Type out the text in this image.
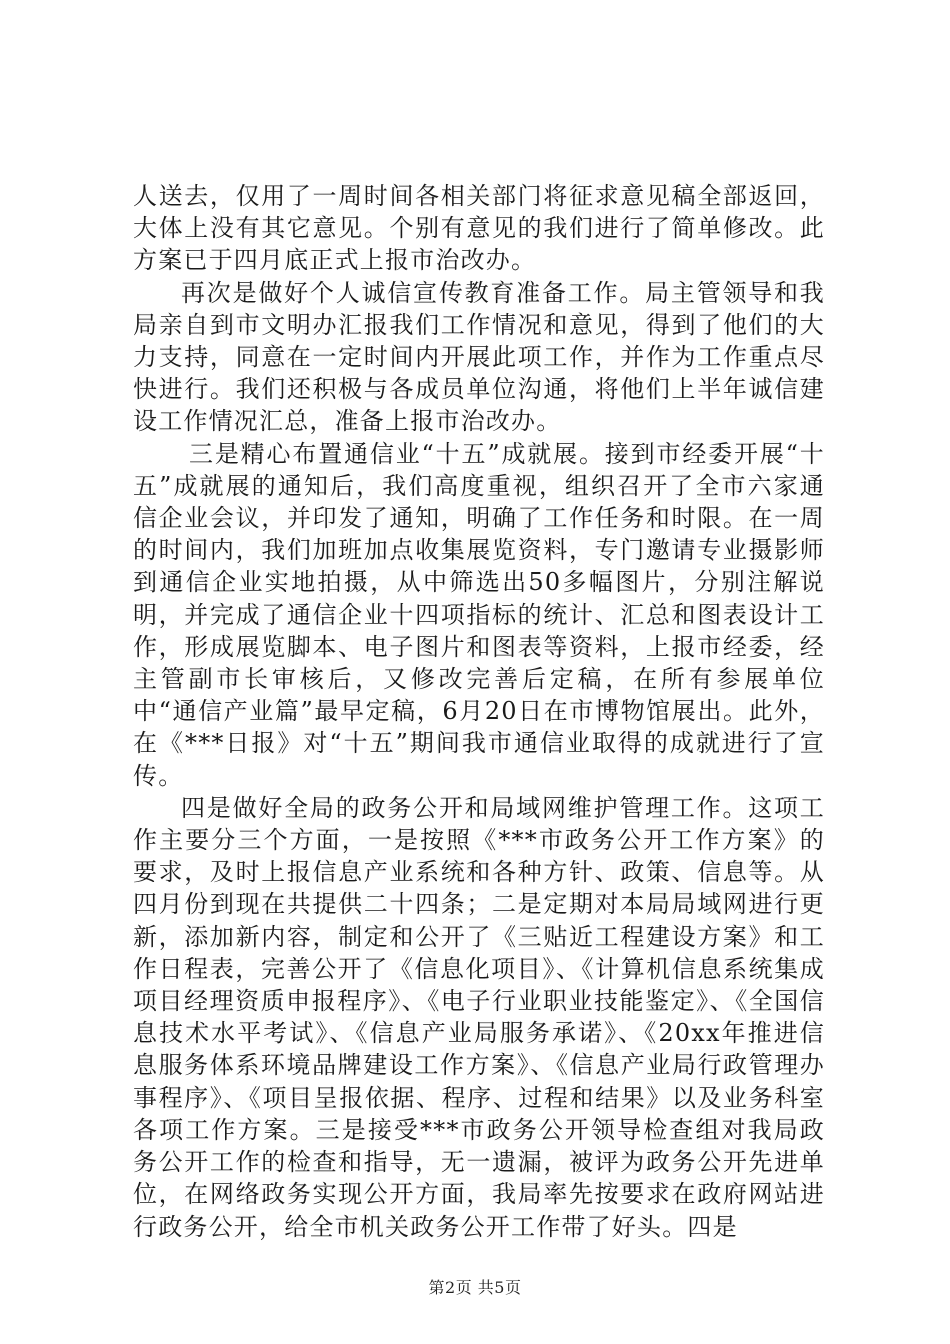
人送去，仅用了一周时间各相关部门将征求意见稿全部返回，大体上没有其它意见。个别有意见的我们进行了简单修改。此方案已于四月底正式上报市治改办。

再次是做好个人诚信宣传教育准备工作。局主管领导和我局亲自到市文明办汇报我们工作情况和意见，得到了他们的大力支持，同意在一定时间内开展此项工作，并作为工作重点尽快进行。我们还积极与各成员单位沟通，将他们上半年诚信建设工作情况汇总，准备上报市治改办。

三是精心布置通信业“十五”成就展。接到市经委开展“十五”成就展的通知后，我们高度重视，组织召开了全市六家通信企业会议，并印发了通知，明确了工作任务和时限。在一周的时间内，我们加班加点收集展览资料，专门邀请专业摄影师到通信企业实地拍摄，从中筛选出50多幅图片，分别注解说明，并完成了通信企业十四项指标的统计、汇总和图表设计工作，形成展览脚本、电子图片和图表等资料，上报市经委，经主管副市长审核后，又修改完善后定稿，在所有参展单位中“通信产业篇”最早定稿，6月20日在市博物馆展出。此外，在《***日报》对“十五”期间我市通信业取得的成就进行了宣传。

四是做好全局的政务公开和局域网维护管理工作。这项工作主要分三个方面，一是按照《***市政务公开工作方案》的要求，及时上报信息产业系统和各种方针、政策、信息等。从四月份到现在共提供二十四条；二是定期对本局局域网进行更新，添加新内容，制定和公开了《三贴近工程建设方案》和工作日程表，完善公开了《信息化项目》、《计算机信息系统集成项目经理资质申报程序》、《电子行业职业技能鉴定》、《全国信息技术水平考试》、《信息产业局服务承诺》、《20xx年推进信息服务体系环境品牌建设工作方案》、《信息产业局行政管理办事程序》、《项目呈报依据、程序、过程和结果》以及业务科室各项工作方案。三是接受***市政务公开领导检查组对我局政务公开工作的检查和指导，无一遗漏，被评为政务公开先进单位，在网络政务实现公开方面，我局率先按要求在政府网站进行政务公开，给全市机关政务公开工作带了好头。四是

第2页 共5页
